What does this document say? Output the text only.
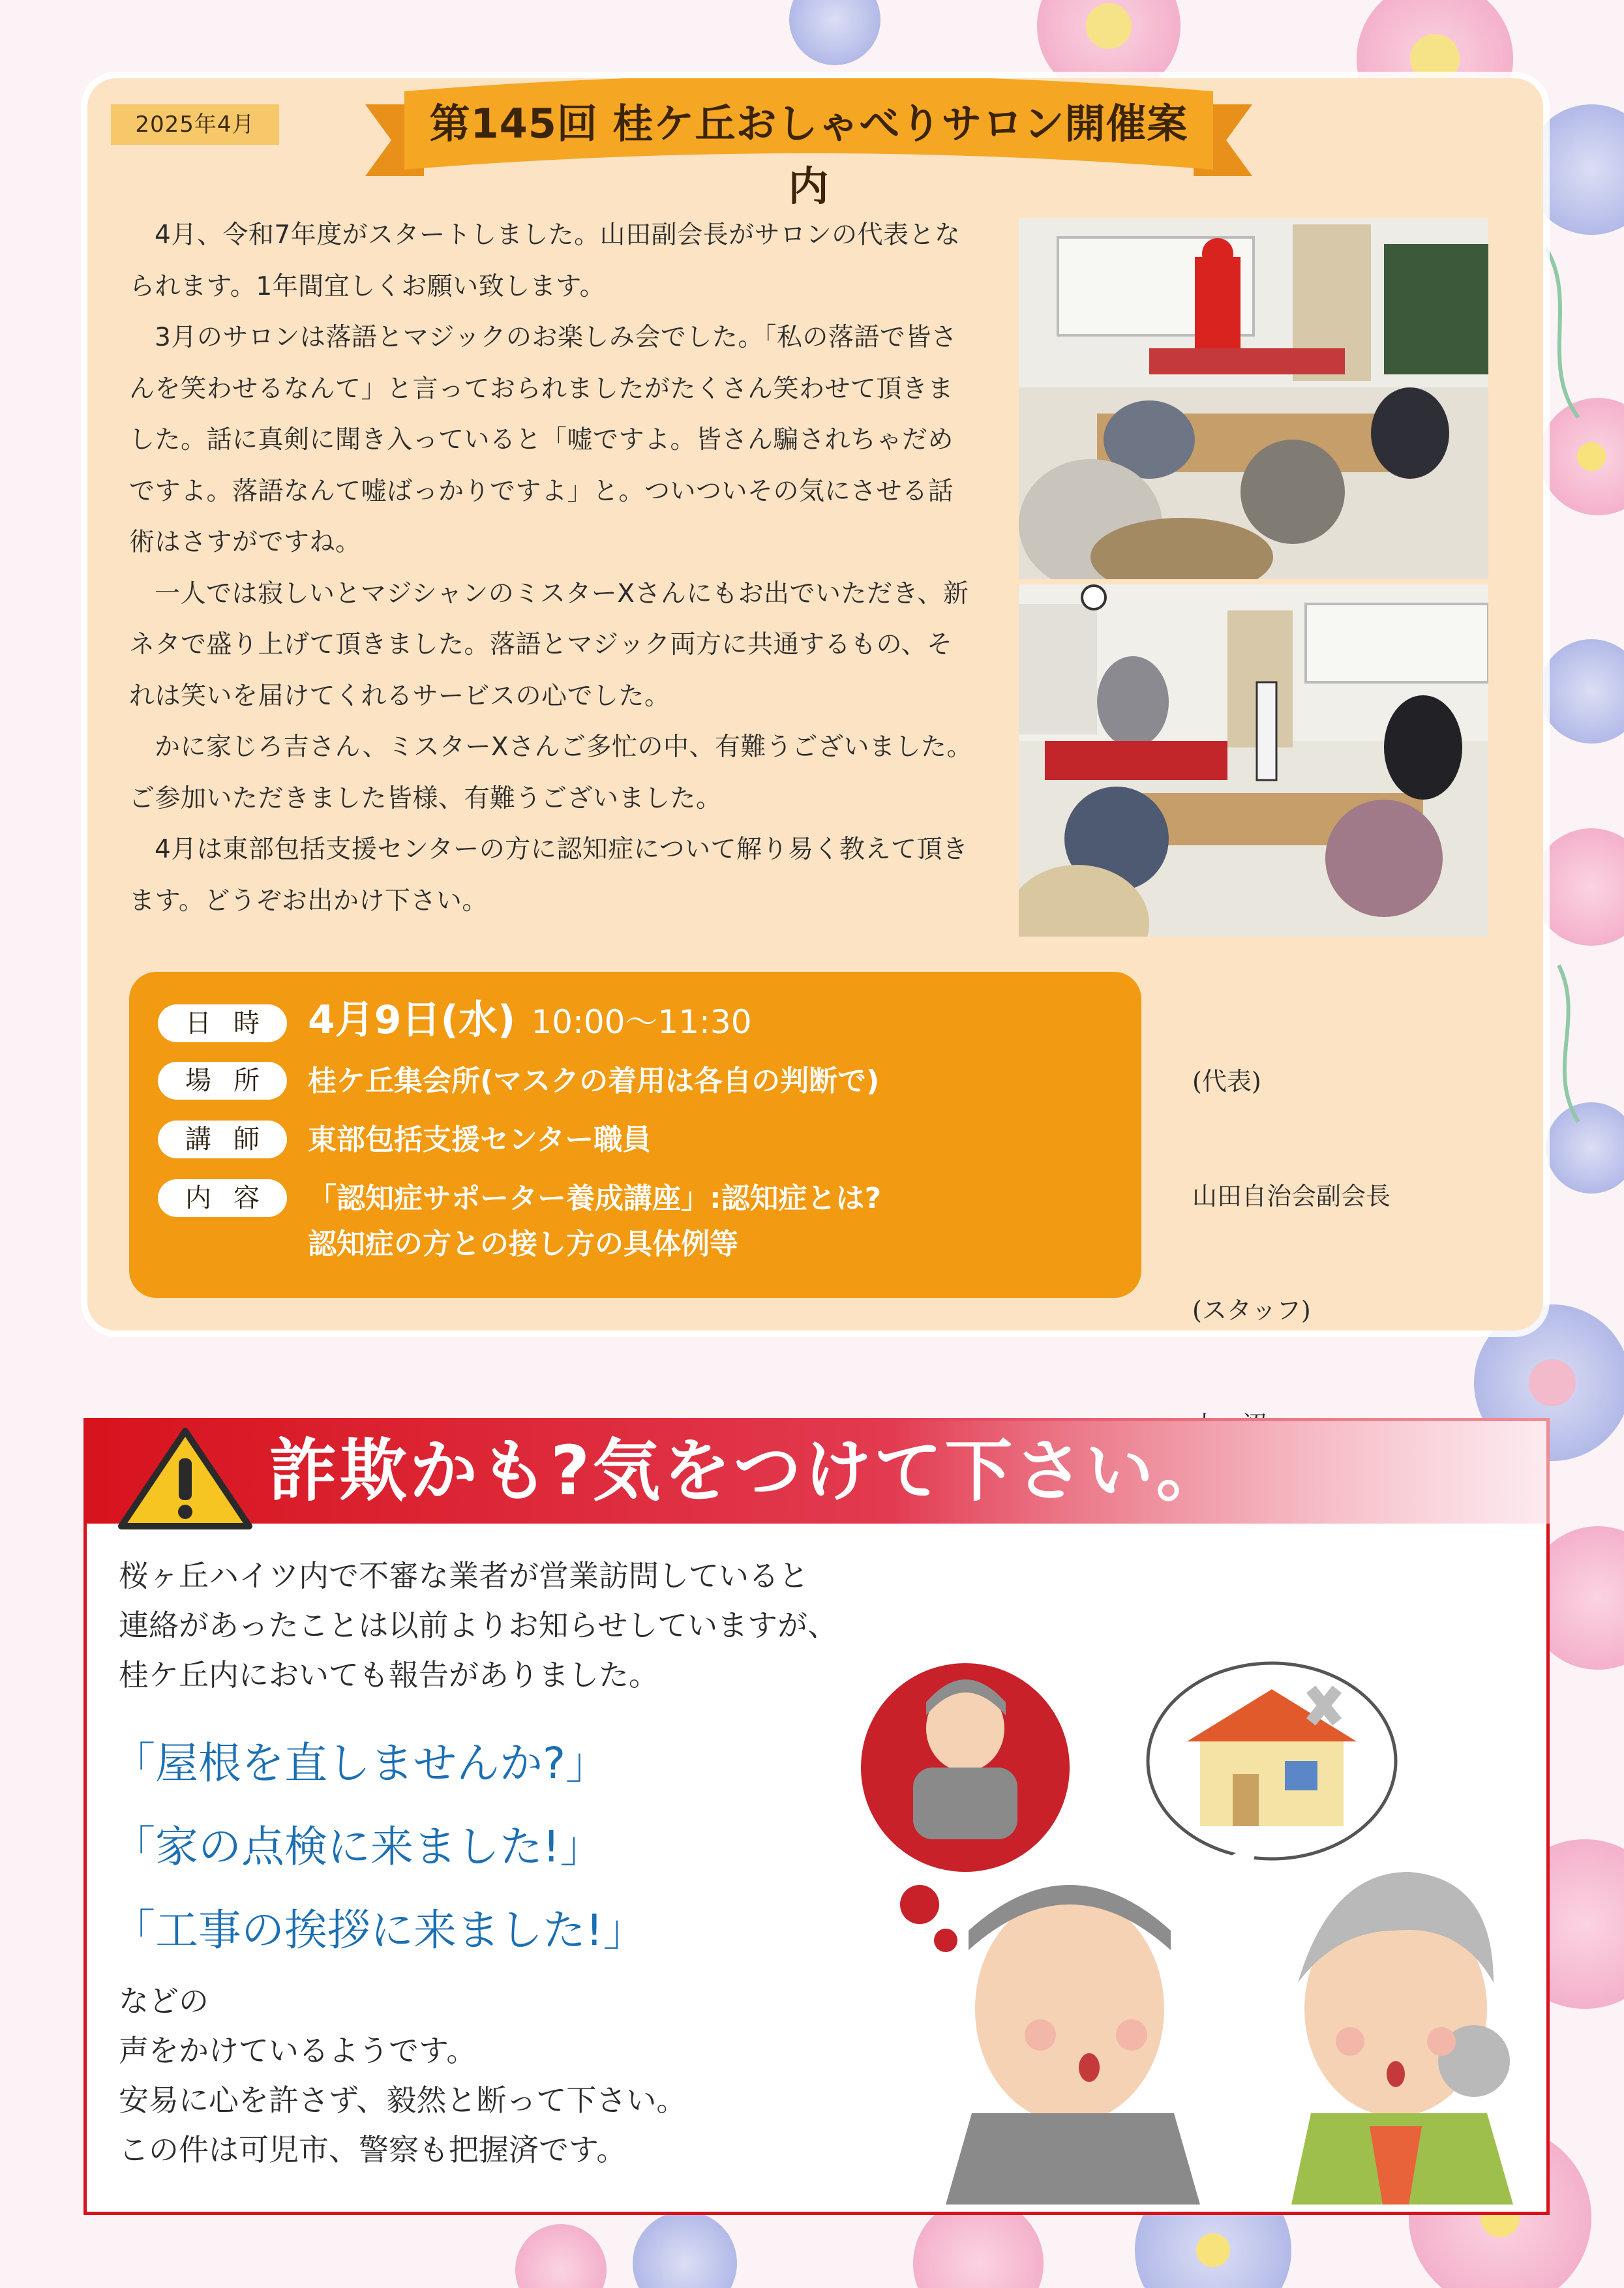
2025年4月	第145回 桂ケ丘おしゃべりサロン開催案内

4月、令和7年度がスタートしました。山田副会長がサロンの代表となられます。1年間宜しくお願い致します。

3月のサロンは落語とマジックのお楽しみ会でした。「私の落語で皆さんを笑わせるなんて」と言っておられましたがたくさん笑わせて頂きました。話に真剣に聞き入っていると「嘘ですよ。皆さん騙されちゃだめですよ。落語なんて嘘ばっかりですよ」と。ついついその気にさせる話術はさすがですね。

一人では寂しいとマジシャンのミスターXさんにもお出でいただき、新ネタで盛り上げて頂きました。落語とマジック両方に共通するもの、それは笑いを届けてくれるサービスの心でした。

かに家じろ吉さん、ミスターXさんご多忙の中、有難うございました。ご参加いただきました皆様、有難うございました。

4月は東部包括支援センターの方に認知症について解り易く教えて頂きます。どうぞお出かけ下さい。

日時 4月9日(水) 10:00〜11:30
場所 桂ケ丘集会所(マスクの着用は各自の判断で)
講師 東部包括支援センター職員
内容 「認知症サポーター養成講座」:認知症とは?
認知症の方との接し方の具体例等

(代表)

山田自治会副会長

(スタッフ)

詐欺かも?気をつけて下さい。
桜ヶ丘ハイツ内で不審な業者が営業訪問していると
連絡があったことは以前よりお知らせしていますが、
桂ケ丘内においても報告がありました。
「屋根を直しませんか?」
「家の点検に来ました!」
「工事の挨拶に来ました!」
などの
声をかけているようです。
安易に心を許さず、毅然と断って下さい。
この件は可児市、警察も把握済です。
